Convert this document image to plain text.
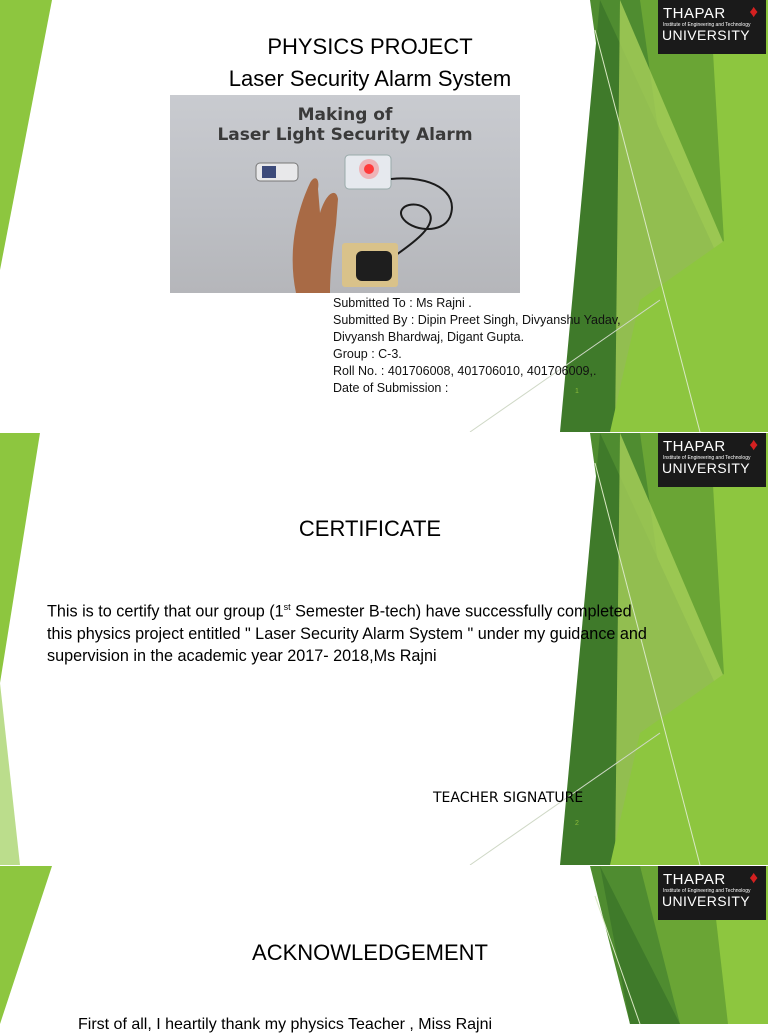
THAPAR
Institute of Engineering and Technology
UNIVERSITY
♦
PHYSICS PROJECT
Laser Security Alarm System
Making of
Laser Light Security Alarm
Submitted To : Ms Rajni .
Submitted By : Dipin Preet Singh, Divyanshu Yadav, Divyansh Bhardwaj, Digant Gupta.
Group : C-3.
Roll No. : 401706008, 401706010, 401706009,.
Date of Submission :	1
THAPAR
Institute of Engineering and Technology
UNIVERSITY
♦
CERTIFICATE
2
This is to certify that our group (1st Semester B-tech) have successfully completed this physics project entitled " Laser Security Alarm System " under my guidance and supervision in the academic year 2017- 2018,Ms Rajni
TEACHER SIGNATURE
THAPAR
Institute of Engineering and Technology
UNIVERSITY
♦
ACKNOWLEDGEMENT
First of all, I heartily thank my physics Teacher , Miss Rajni
